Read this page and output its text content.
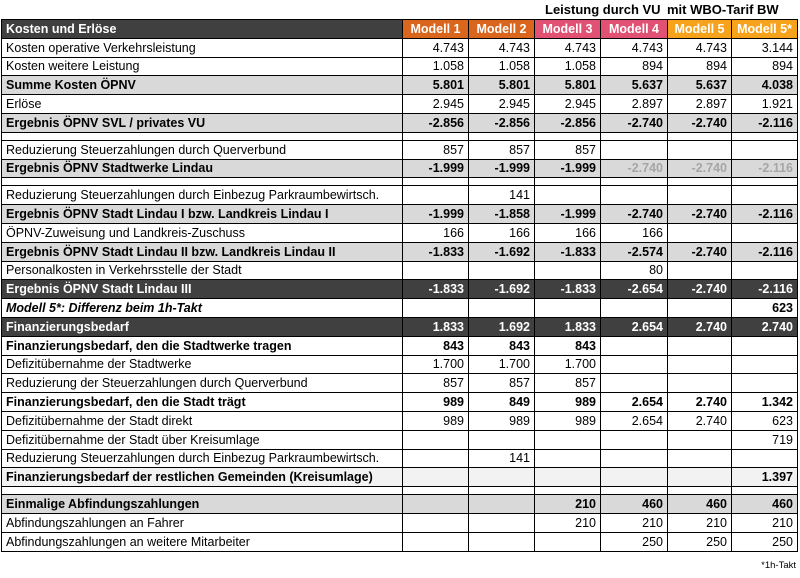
Leistung durch VU mit WBO-Tarif BW
Kosten und Erlöse	Modell 1	Modell 2	Modell 3	Modell 4	Modell 5	Modell 5*
Kosten operative Verkehrsleistung	4.743	4.743	4.743	4.743	4.743	3.144
Kosten weitere Leistung	1.058	1.058	1.058	894	894	894
Summe Kosten ÖPNV	5.801	5.801	5.801	5.637	5.637	4.038
Erlöse	2.945	2.945	2.945	2.897	2.897	1.921
Ergebnis ÖPNV SVL / privates VU	-2.856	-2.856	-2.856	-2.740	-2.740	-2.116

Reduzierung Steuerzahlungen durch Querverbund	857	857	857			
Ergebnis ÖPNV Stadtwerke Lindau	-1.999	-1.999	-1.999	-2.740	-2.740	-2.116

Reduzierung Steuerzahlungen durch Einbezug Parkraumbewirtsch.		141				
Ergebnis ÖPNV Stadt Lindau I bzw. Landkreis Lindau I	-1.999	-1.858	-1.999	-2.740	-2.740	-2.116
ÖPNV-Zuweisung und Landkreis-Zuschuss	166	166	166	166		
Ergebnis ÖPNV Stadt Lindau II bzw. Landkreis Lindau II	-1.833	-1.692	-1.833	-2.574	-2.740	-2.116
Personalkosten in Verkehrsstelle der Stadt				80		
Ergebnis ÖPNV Stadt Lindau III	-1.833	-1.692	-1.833	-2.654	-2.740	-2.116
Modell 5*: Differenz beim 1h-Takt						623
Finanzierungsbedarf	1.833	1.692	1.833	2.654	2.740	2.740
Finanzierungsbedarf, den die Stadtwerke tragen	843	843	843			
Defizitübernahme der Stadtwerke	1.700	1.700	1.700			
Reduzierung der Steuerzahlungen durch Querverbund	857	857	857			
Finanzierungsbedarf, den die Stadt trägt	989	849	989	2.654	2.740	1.342
Defizitübernahme der Stadt direkt	989	989	989	2.654	2.740	623
Defizitübernahme der Stadt über Kreisumlage						719
Reduzierung Steuerzahlungen durch Einbezug Parkraumbewirtsch.		141				
Finanzierungsbedarf der restlichen Gemeinden (Kreisumlage)						1.397

Einmalige Abfindungszahlungen			210	460	460	460
Abfindungszahlungen an Fahrer			210	210	210	210
Abfindungszahlungen an weitere Mitarbeiter				250	250	250
*1h-Takt
